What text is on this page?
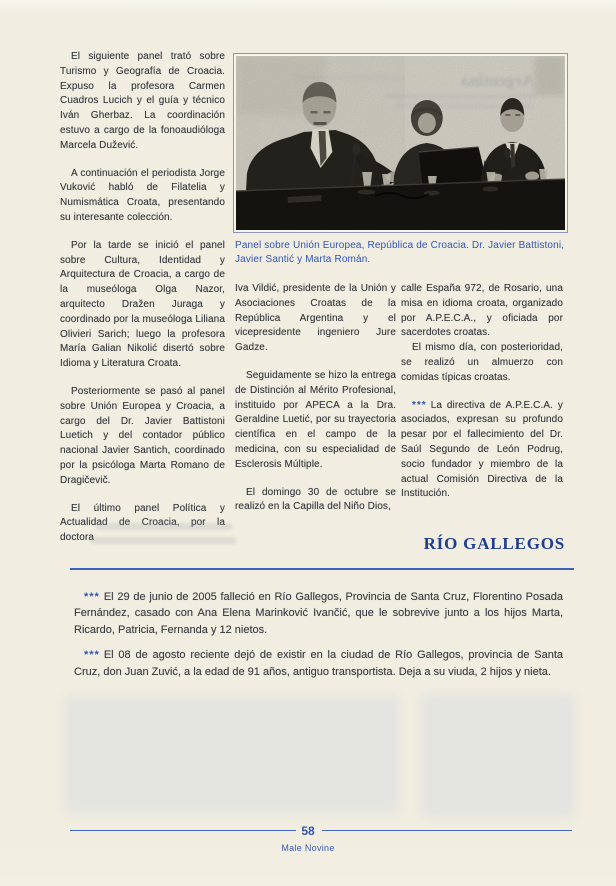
El siguiente panel trató sobre Turismo y Geografía de Croacia. Expuso la profesora Carmen Cuadros Lucich y el guía y técnico Iván Gherbaz. La coordinación estuvo a cargo de la fonoaudióloga Marcela Dužević.

A continuación el periodista Jorge Vuković habló de Filatelia y Numismática Croata, presentando su interesante colección.

Por la tarde se inició el panel sobre Cultura, Identidad y Arquitectura de Croacia, a cargo de la museóloga Olga Nazor, arquitecto Dražen Juraga y coordinado por la museóloga Liliana Olivieri Sarich; luego la profesora María Galian Nikolić disertó sobre Idioma y Literatura Croata.

Posteriormente se pasó al panel sobre Unión Europea y Croacia, a cargo del Dr. Javier Battistoni Luetich y del contador público nacional Javier Santich, coordinado por la psicóloga Marta Romano de Dragičevič.

El último panel Política y Actualidad de Croacia, por la doctora

Argentina
Panel sobre Unión Europea, República de Croacia. Dr. Javier Battistoni, Javier Santić y Marta Román.

Iva Vildić, presidente de la Unión y Asociaciones Croatas de la República Argentina y el vicepresidente ingeniero Jure Gadze.

Seguidamente se hizo la entrega de Distinción al Mérito Profesional, instituido por APECA a la Dra. Geraldine Luetić, por su trayectoria científica en el campo de la medicina, con su especialidad de Esclerosis Múltiple.

El domingo 30 de octubre se realizó en la Capilla del Niño Dios,

calle España 972, de Rosario, una misa en idioma croata, organizado por A.P.E.C.A., y oficiada por sacerdotes croatas.

El mismo día, con posterioridad, se realizó un almuerzo con comidas típicas croatas.

*** La directiva de A.P.E.C.A. y asociados, expresan su profundo pesar por el fallecimiento del Dr. Saúl Segundo de León Podrug, socio fundador y miembro de la actual Comisión Directiva de la Institución.

RÍO GALLEGOS

*** El 29 de junio de 2005 falleció en Río Gallegos, Provincia de Santa Cruz, Florentino Posada Fernández, casado con Ana Elena Marinković Ivančić, que le sobrevive junto a los hijos Marta, Ricardo, Patricia, Fernanda y 12 nietos.

*** El 08 de agosto reciente dejó de existir en la ciudad de Río Gallegos, provincia de Santa Cruz, don Juan Zuvić, a la edad de 91 años, antiguo transportista. Deja a su viuda, 2 hijos y nieta.

58
Male Novine
